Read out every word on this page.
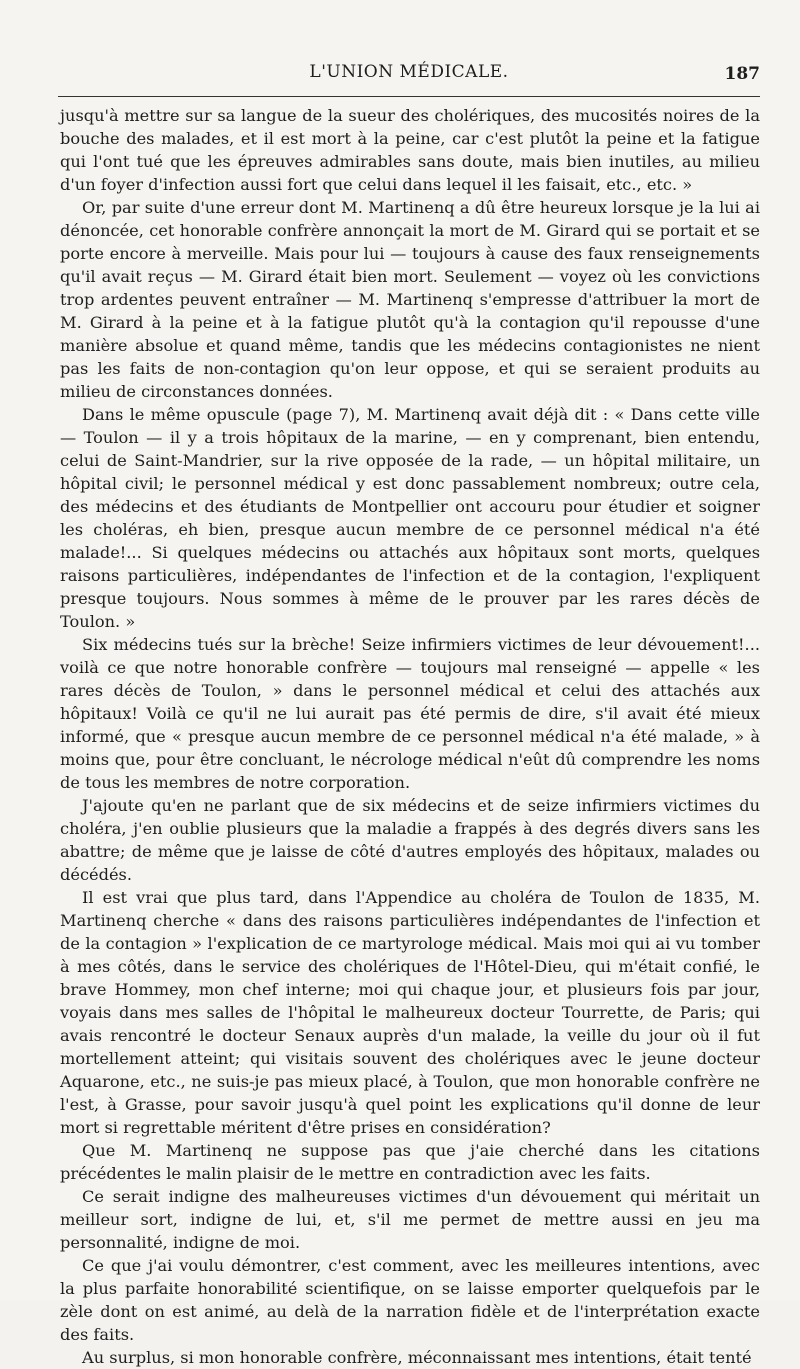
L'UNION MÉDICALE.	187

jusqu'à mettre sur sa langue de la sueur des cholériques, des mucosités noires de la bouche des malades, et il est mort à la peine, car c'est plutôt la peine et la fatigue qui l'ont tué que les épreuves admirables sans doute, mais bien inutiles, au milieu d'un foyer d'infection aussi fort que celui dans lequel il les faisait, etc., etc. »

Or, par suite d'une erreur dont M. Martinenq a dû être heureux lorsque je la lui ai dénoncée, cet honorable confrère annonçait la mort de M. Girard qui se portait et se porte encore à merveille. Mais pour lui — toujours à cause des faux renseignements qu'il avait reçus — M. Girard était bien mort. Seulement — voyez où les convictions trop ardentes peuvent entraîner — M. Martinenq s'empresse d'attribuer la mort de M. Girard à la peine et à la fatigue plutôt qu'à la contagion qu'il repousse d'une manière absolue et quand même, tandis que les médecins contagionistes ne nient pas les faits de non-contagion qu'on leur oppose, et qui se seraient produits au milieu de circonstances données.

Dans le même opuscule (page 7), M. Martinenq avait déjà dit : « Dans cette ville — Toulon — il y a trois hôpitaux de la marine, — en y comprenant, bien entendu, celui de Saint-Mandrier, sur la rive opposée de la rade, — un hôpital militaire, un hôpital civil; le personnel médical y est donc passablement nombreux; outre cela, des médecins et des étudiants de Montpellier ont accouru pour étudier et soigner les choléras, eh bien, presque aucun membre de ce personnel médical n'a été malade!... Si quelques médecins ou attachés aux hôpitaux sont morts, quelques raisons particulières, indépendantes de l'infection et de la contagion, l'expliquent presque toujours. Nous sommes à même de le prouver par les rares décès de Toulon. »

Six médecins tués sur la brèche! Seize infirmiers victimes de leur dévouement!... voilà ce que notre honorable confrère — toujours mal renseigné — appelle « les rares décès de Toulon, » dans le personnel médical et celui des attachés aux hôpitaux! Voilà ce qu'il ne lui aurait pas été permis de dire, s'il avait été mieux informé, que « presque aucun membre de ce personnel médical n'a été malade, » à moins que, pour être concluant, le nécrologe médical n'eût dû comprendre les noms de tous les membres de notre corporation.

J'ajoute qu'en ne parlant que de six médecins et de seize infirmiers victimes du choléra, j'en oublie plusieurs que la maladie a frappés à des degrés divers sans les abattre; de même que je laisse de côté d'autres employés des hôpitaux, malades ou décédés.

Il est vrai que plus tard, dans l'Appendice au choléra de Toulon de 1835, M. Martinenq cherche « dans des raisons particulières indépendantes de l'infection et de la contagion » l'explication de ce martyrologe médical. Mais moi qui ai vu tomber à mes côtés, dans le service des cholériques de l'Hôtel-Dieu, qui m'était confié, le brave Hommey, mon chef interne; moi qui chaque jour, et plusieurs fois par jour, voyais dans mes salles de l'hôpital le malheureux docteur Tourrette, de Paris; qui avais rencontré le docteur Senaux auprès d'un malade, la veille du jour où il fut mortellement atteint; qui visitais souvent des cholériques avec le jeune docteur Aquarone, etc., ne suis-je pas mieux placé, à Toulon, que mon honorable confrère ne l'est, à Grasse, pour savoir jusqu'à quel point les explications qu'il donne de leur mort si regrettable méritent d'être prises en considération?

Que M. Martinenq ne suppose pas que j'aie cherché dans les citations précédentes le malin plaisir de le mettre en contradiction avec les faits.

Ce serait indigne des malheureuses victimes d'un dévouement qui méritait un meilleur sort, indigne de lui, et, s'il me permet de mettre aussi en jeu ma personnalité, indigne de moi.

Ce que j'ai voulu démontrer, c'est comment, avec les meilleures intentions, avec la plus parfaite honorabilité scientifique, on se laisse emporter quelquefois par le zèle dont on est animé, au delà de la narration fidèle et de l'interprétation exacte des faits.

Au surplus, si mon honorable confrère, méconnaissant mes intentions, était tenté
